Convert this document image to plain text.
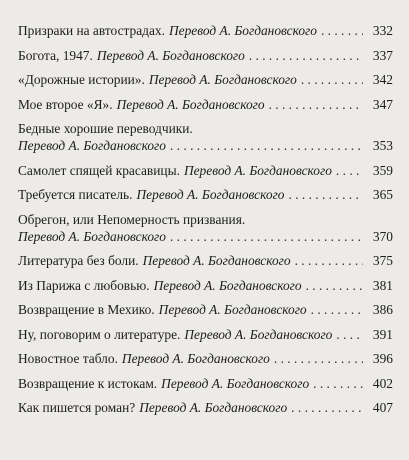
Призраки на автострадах. Перевод А. Богдановского . . .	332
Богота, 1947. Перевод А. Богдановского . . .	337
«Дорожные истории». Перевод А. Богдановского . . .	342
Мое второе «Я». Перевод А. Богдановского . . .	347
Бедные хорошие переводчики.
Перевод А. Богдановского . . .	353
Самолет спящей красавицы. Перевод А. Богдановского . . .	359
Требуется писатель. Перевод А. Богдановского . . .	365
Обрегон, или Непомерность призвания.
Перевод А. Богдановского . . .	370
Литература без боли. Перевод А. Богдановского . . .	375
Из Парижа с любовью. Перевод А. Богдановского . . .	381
Возвращение в Мехико. Перевод А. Богдановского . . .	386
Ну, поговорим о литературе. Перевод А. Богдановского . . .	391
Новостное табло. Перевод А. Богдановского . . .	396
Возвращение к истокам. Перевод А. Богдановского . . .	402
Как пишется роман? Перевод А. Богдановского . . .	407
